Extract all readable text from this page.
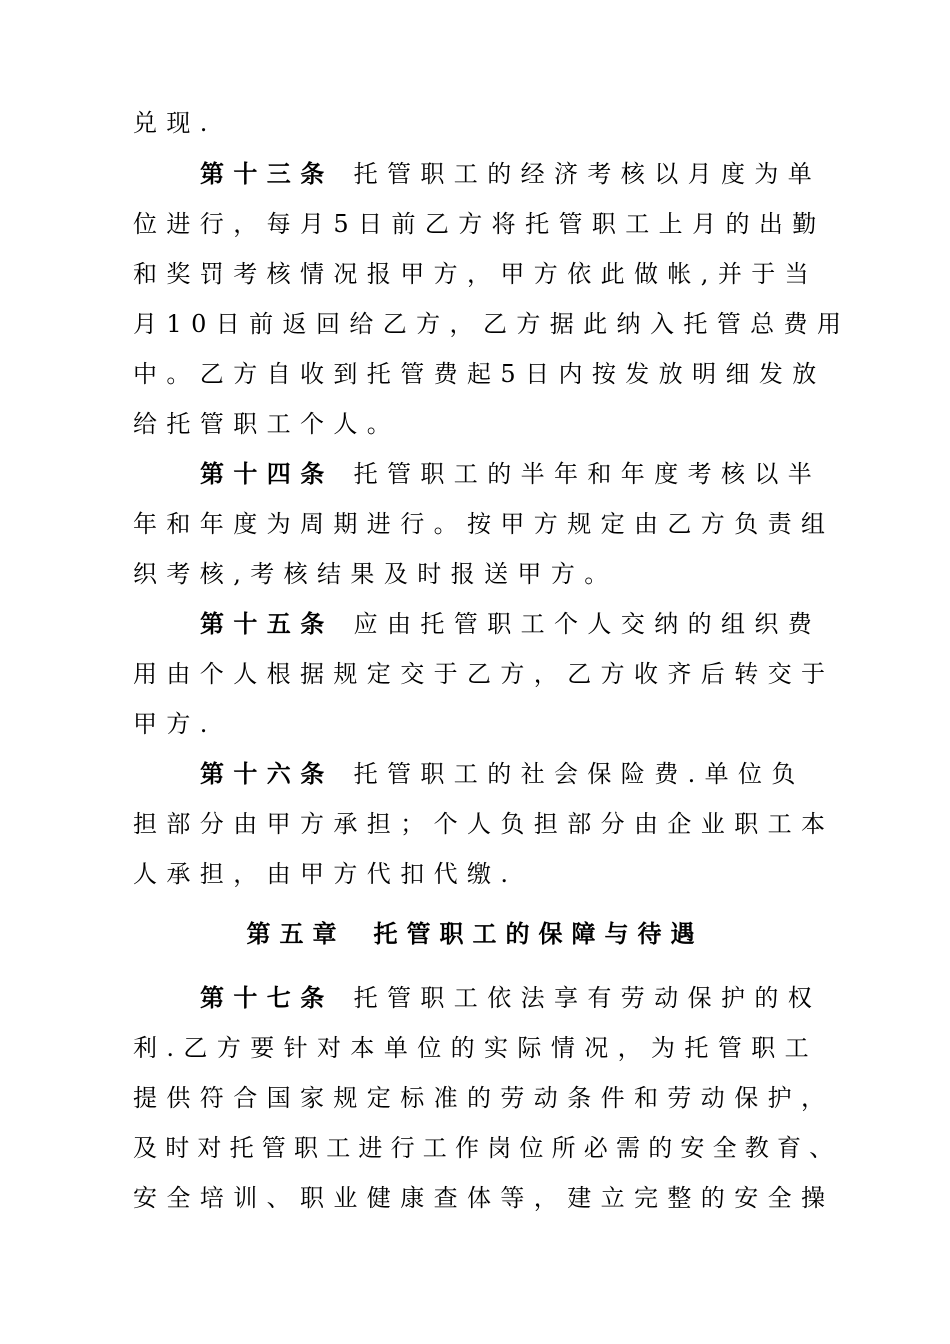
兑现.
第十三条 托管职工的经济考核以月度为单
位进行，每月5日前乙方将托管职工上月的出勤
和奖罚考核情况报甲方，甲方依此做帐,并于当
月10日前返回给乙方，乙方据此纳入托管总费用
中。乙方自收到托管费起5日内按发放明细发放
给托管职工个人。
第十四条 托管职工的半年和年度考核以半
年和年度为周期进行。按甲方规定由乙方负责组
织考核,考核结果及时报送甲方。
第十五条 应由托管职工个人交纳的组织费
用由个人根据规定交于乙方，乙方收齐后转交于
甲方.
第十六条 托管职工的社会保险费.单位负
担部分由甲方承担；个人负担部分由企业职工本
人承担，由甲方代扣代缴.
第五章 托管职工的保障与待遇
第十七条 托管职工依法享有劳动保护的权
利.乙方要针对本单位的实际情况，为托管职工
提供符合国家规定标准的劳动条件和劳动保护，
及时对托管职工进行工作岗位所必需的安全教育、
安全培训、职业健康查体等，建立完整的安全操
